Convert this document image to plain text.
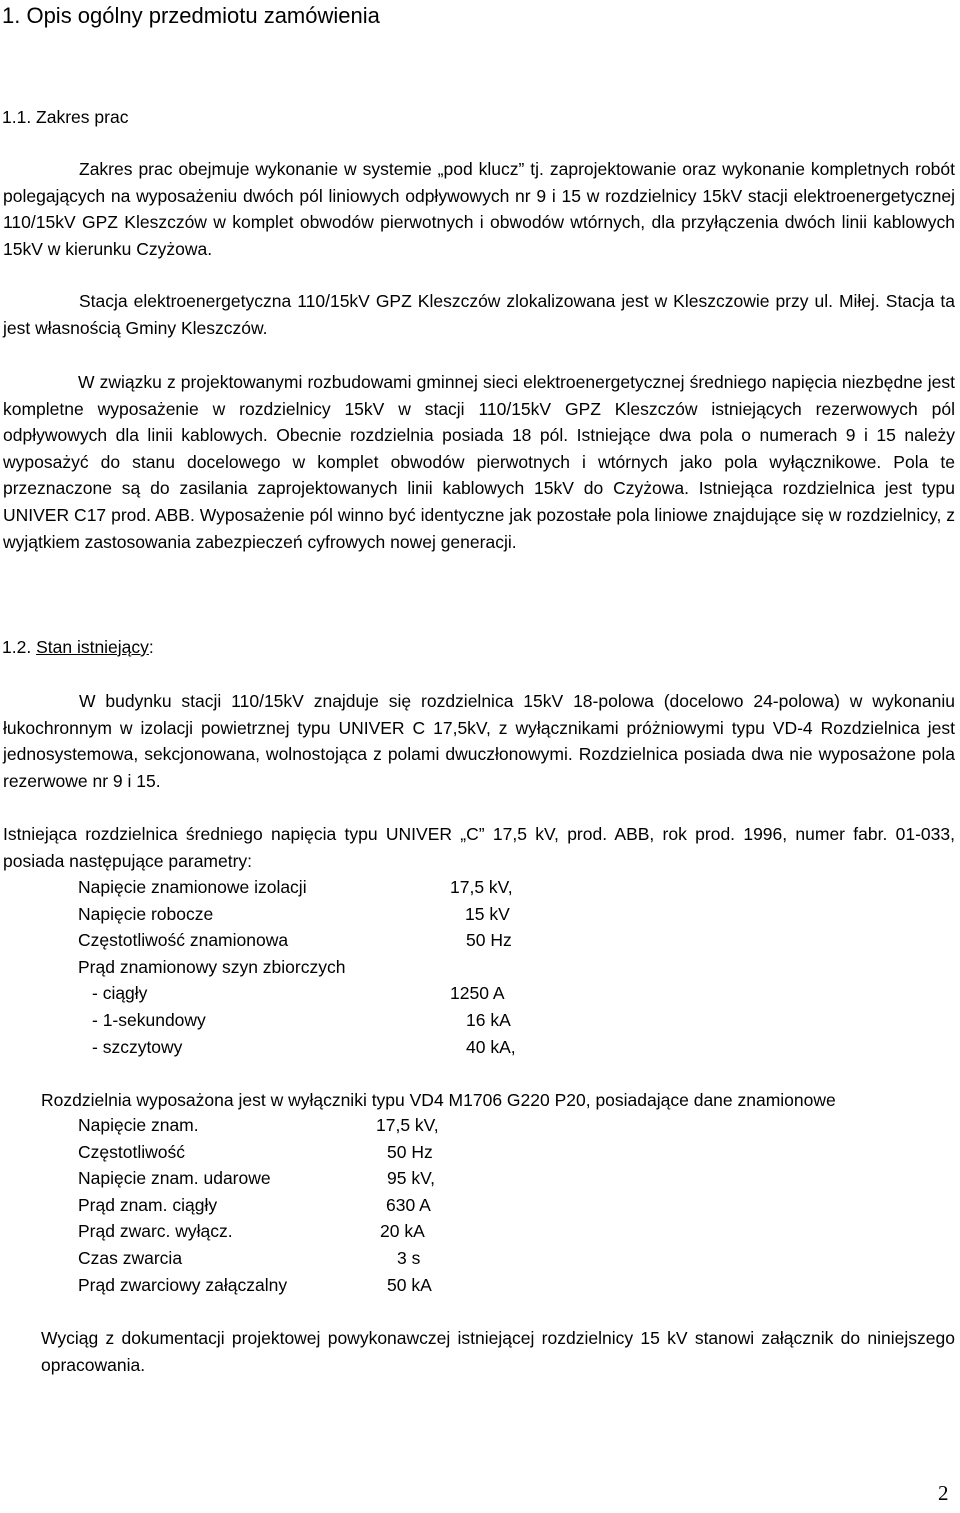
1. Opis ogólny przedmiotu zamówienia

1.1. Zakres prac

Zakres prac obejmuje wykonanie w systemie „pod klucz” tj. zaprojektowanie oraz wykonanie kompletnych robót polegających na wyposażeniu dwóch pól liniowych odpływowych nr 9 i 15 w rozdzielnicy 15kV stacji elektroenergetycznej 110/15kV GPZ Kleszczów w komplet obwodów pierwotnych i obwodów wtórnych, dla przyłączenia dwóch linii kablowych 15kV w kierunku Czyżowa.

Stacja elektroenergetyczna 110/15kV GPZ Kleszczów zlokalizowana jest w Kleszczowie przy ul. Miłej. Stacja ta jest własnością Gminy Kleszczów.

W związku z projektowanymi rozbudowami gminnej sieci elektroenergetycznej średniego napięcia niezbędne jest kompletne wyposażenie w rozdzielnicy 15kV w stacji 110/15kV GPZ Kleszczów istniejących rezerwowych pól odpływowych dla linii kablowych. Obecnie rozdzielnia posiada 18 pól. Istniejące dwa pola o numerach 9 i 15 należy wyposażyć do stanu docelowego w komplet obwodów pierwotnych i wtórnych jako pola wyłącznikowe. Pola te przeznaczone są do zasilania zaprojektowanych linii kablowych 15kV do Czyżowa. Istniejąca rozdzielnica jest typu UNIVER C17 prod. ABB. Wyposażenie pól winno być identyczne jak pozostałe pola liniowe znajdujące się w rozdzielnicy, z wyjątkiem zastosowania zabezpieczeń cyfrowych nowej generacji.

1.2. Stan istniejący:

W budynku stacji 110/15kV znajduje się rozdzielnica 15kV 18-polowa (docelowo 24-polowa) w wykonaniu łukochronnym w izolacji powietrznej typu UNIVER C 17,5kV, z wyłącznikami próżniowymi typu VD-4 Rozdzielnica jest jednosystemowa, sekcjonowana, wolnostojąca z polami dwuczłonowymi. Rozdzielnica posiada dwa nie wyposażone pola rezerwowe nr 9 i 15.

Istniejąca rozdzielnica średniego napięcia typu UNIVER „C” 17,5 kV, prod. ABB, rok prod. 1996, numer fabr. 01-033, posiada następujące parametry:

Napięcie znamionowe izolacji	17,5 kV,
Napięcie robocze	15 kV
Częstotliwość znamionowa	50 Hz
Prąd znamionowy szyn zbiorczych
- ciągły	1250 A
- 1-sekundowy	16 kA
- szczytowy	40 kA,

Rozdzielnia wyposażona jest w wyłączniki typu VD4 M1706 G220 P20, posiadające dane znamionowe

Napięcie znam.	17,5 kV,
Częstotliwość	50 Hz
Napięcie znam. udarowe	95 kV,
Prąd znam. ciągły	630 A
Prąd zwarc. wyłącz.	20 kA
Czas zwarcia	3 s
Prąd zwarciowy załączalny	50 kA

Wyciąg z dokumentacji projektowej powykonawczej istniejącej rozdzielnicy 15 kV stanowi załącznik do niniejszego opracowania.

2
